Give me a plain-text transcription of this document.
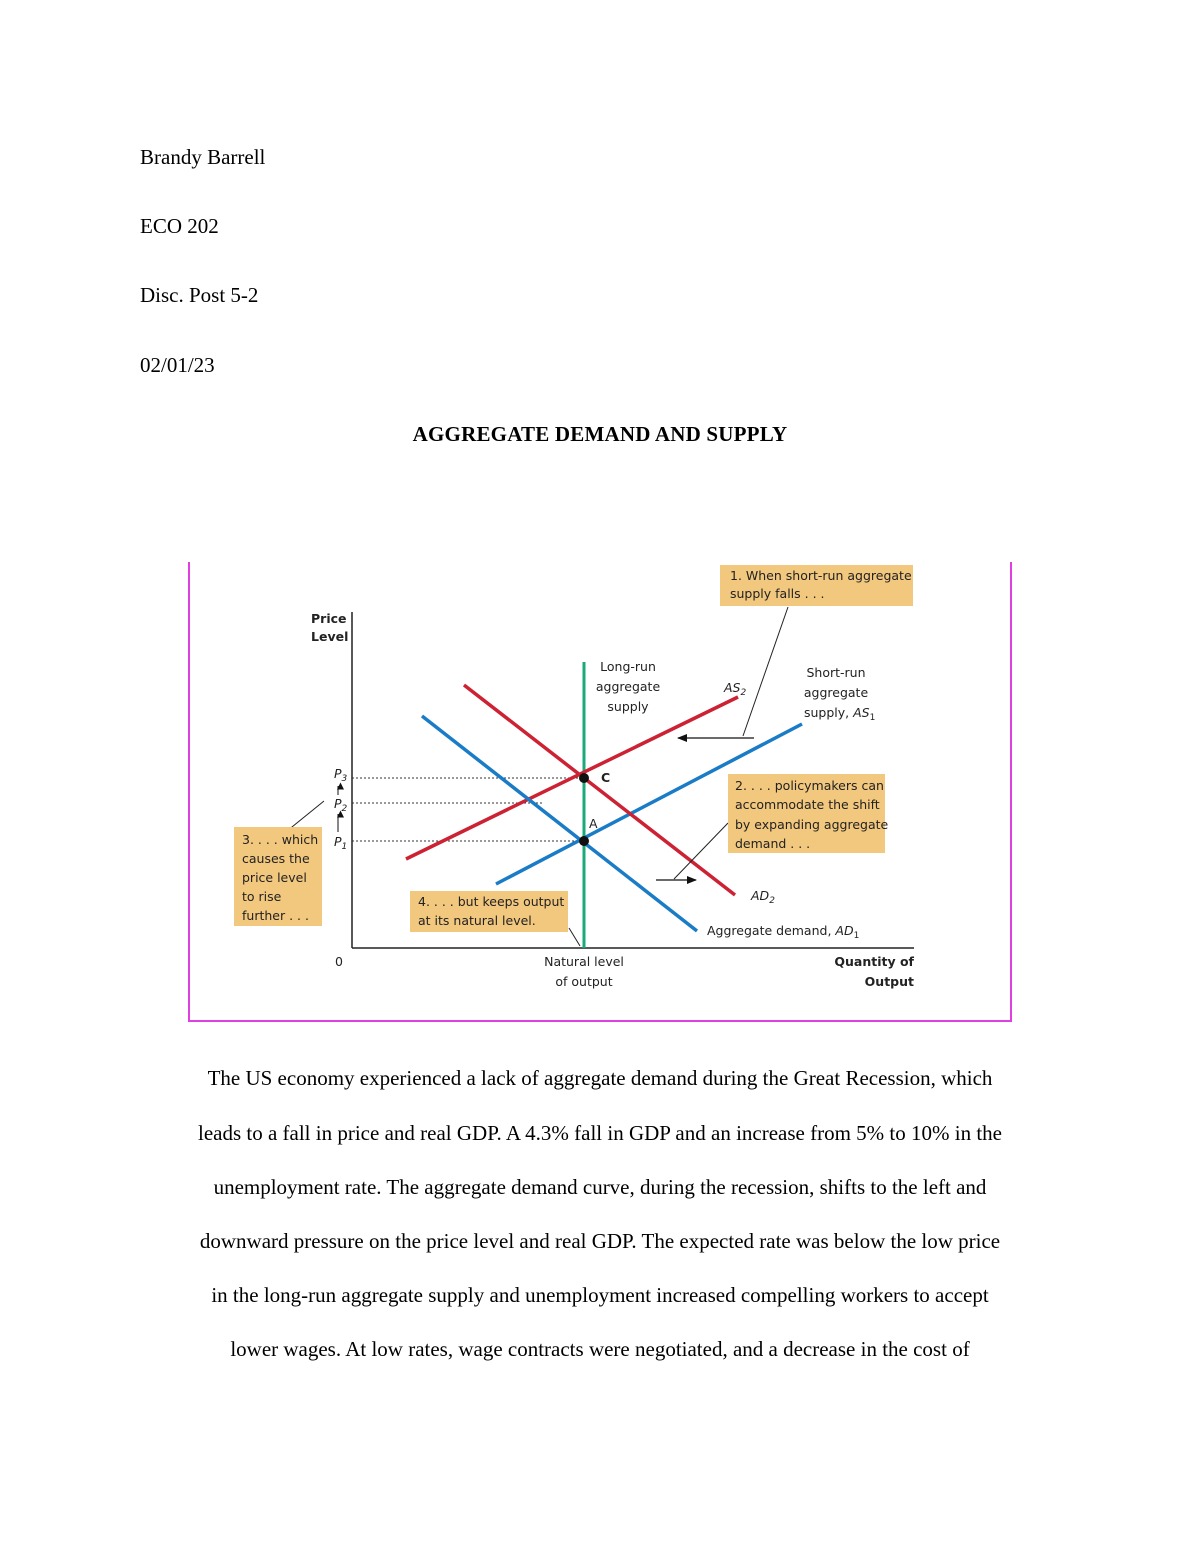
Brandy Barrell
ECO 202
Disc. Post 5-2
02/01/23
AGGREGATE DEMAND AND SUPPLY
Price
Level
Quantity of
Output
0	Natural level
of output
$P_3$
$P_2$
$P_1$
C
A
Long-run
aggregate
supply
$AS_2$
Short-run
aggregate
supply, $AS_1$
$AD_2$
Aggregate demand, $AD_1$
1. When short-run aggregate
supply falls . . .
2. . . . policymakers can
accommodate the shift
by expanding aggregate
demand . . .
3. . . . which
causes the
price level
to rise
further . . .
4. . . . but keeps output
at its natural level.
The US economy experienced a lack of aggregate demand during the Great Recession, which
leads to a fall in price and real GDP. A 4.3% fall in GDP and an increase from 5% to 10% in the
unemployment rate. The aggregate demand curve, during the recession, shifts to the left and
downward pressure on the price level and real GDP. The expected rate was below the low price
in the long-run aggregate supply and unemployment increased compelling workers to accept
lower wages. At low rates, wage contracts were negotiated, and a decrease in the cost of
